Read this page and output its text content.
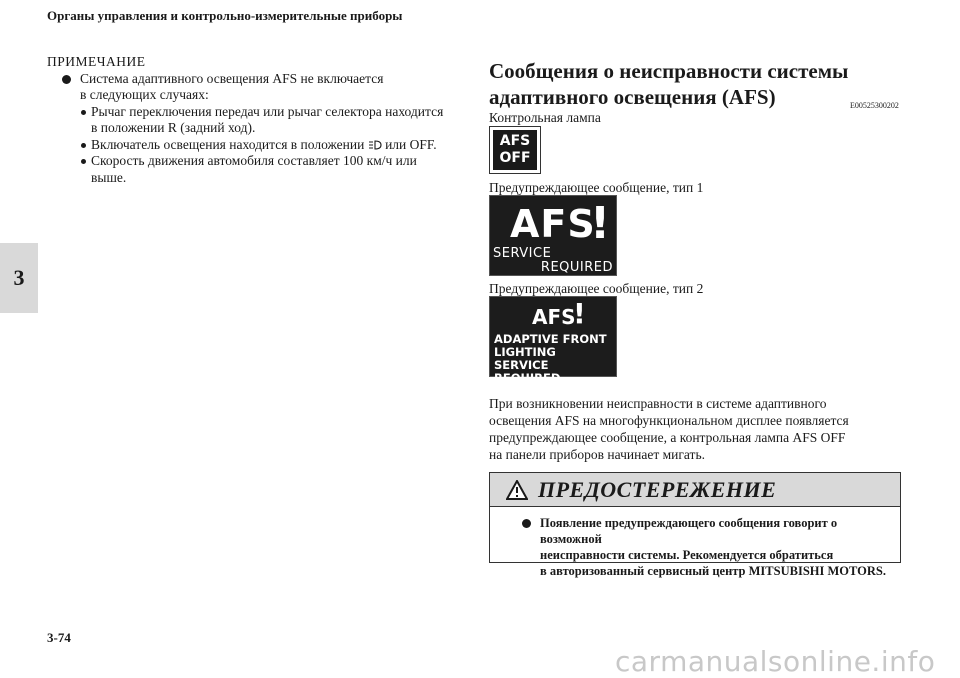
Органы управления и контрольно-измерительные приборы
3
ПРИМЕЧАНИЕ
Система адаптивного освещения AFS не включается
в следующих случаях:
Рычаг переключения передач или рычаг селектора находится
в положении R (задний ход).
Включатель освещения находится в положении или OFF.
Скорость движения автомобиля составляет 100 км/ч или
выше.
Сообщения о неисправности системы
адаптивного освещения (AFS)	E00525300202
Контрольная лампа
AFS
OFF
Предупреждающее сообщение, тип 1
AFS
!
SERVICE
REQUIRED
Предупреждающее сообщение, тип 2
AFS
!
ADAPTIVE FRONT
LIGHTING
SERVICE REQUIRED
При возникновении неисправности в системе адаптивного
освещения AFS на многофункциональном дисплее появляется
предупреждающее сообщение, а контрольная лампа AFS OFF
на панели приборов начинает мигать.
ПРЕДОСТЕРЕЖЕНИЕ
Появление предупреждающего сообщения говорит о возможной
неисправности системы. Рекомендуется обратиться
в авторизованный сервисный центр MITSUBISHI MOTORS.
3-74
carmanualsonline.info
